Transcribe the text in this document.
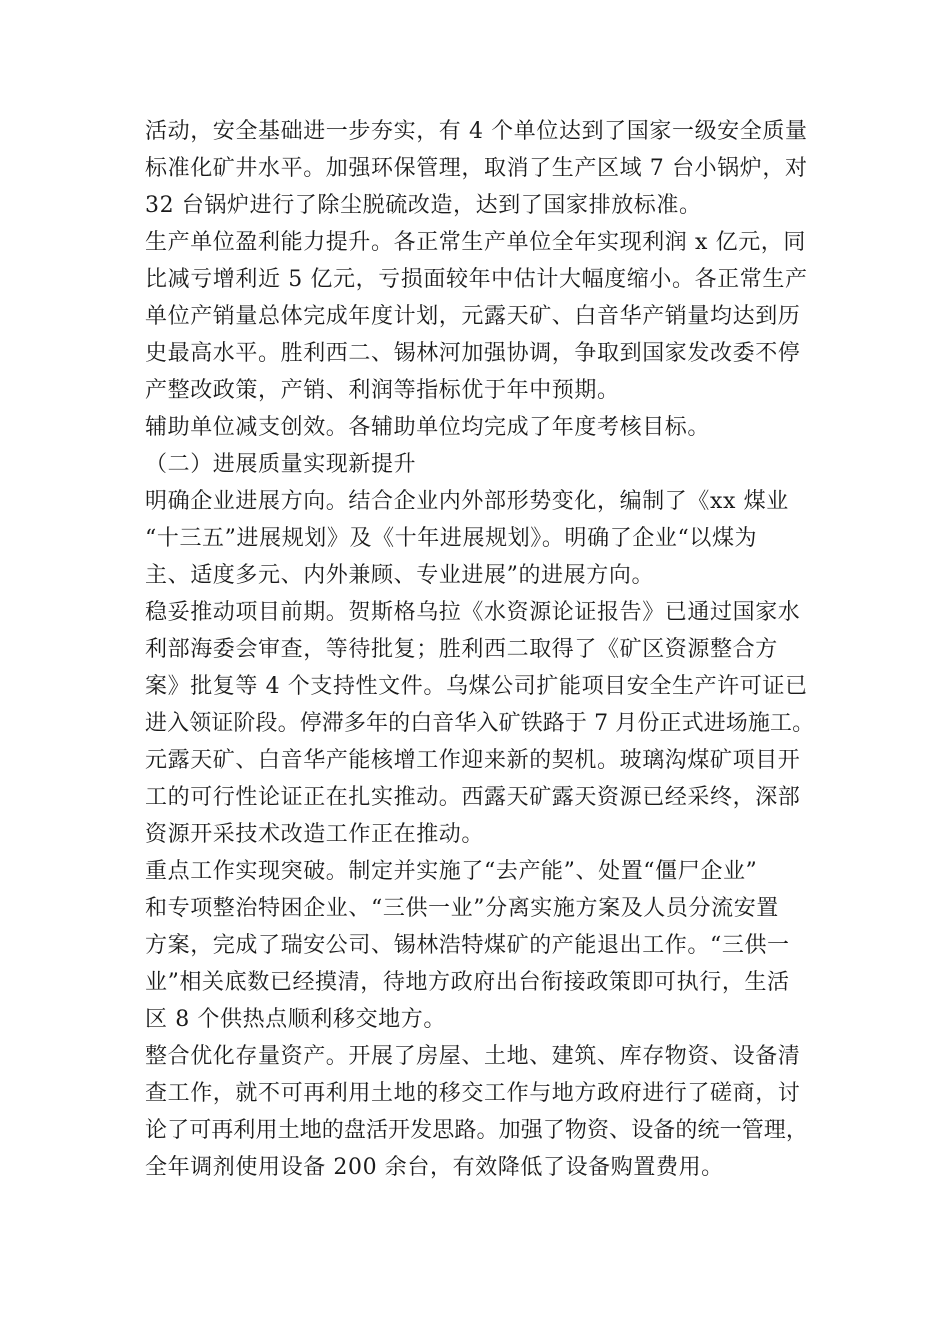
活动，安全基础进一步夯实，有 4 个单位达到了国家一级安全质量
标准化矿井水平。加强环保管理，取消了生产区域 7 台小锅炉，对
32 台锅炉进行了除尘脱硫改造，达到了国家排放标准。
生产单位盈利能力提升。各正常生产单位全年实现利润 x 亿元，同
比减亏增利近 5 亿元，亏损面较年中估计大幅度缩小。各正常生产
单位产销量总体完成年度计划，元露天矿、白音华产销量均达到历
史最高水平。胜利西二、锡林河加强协调，争取到国家发改委不停
产整改政策，产销、利润等指标优于年中预期。
辅助单位减支创效。各辅助单位均完成了年度考核目标。
（二）进展质量实现新提升
明确企业进展方向。结合企业内外部形势变化，编制了《xx 煤业
“十三五”进展规划》及《十年进展规划》。明确了企业“以煤为
主、适度多元、内外兼顾、专业进展”的进展方向。
稳妥推动项目前期。贺斯格乌拉《水资源论证报告》已通过国家水
利部海委会审查，等待批复；胜利西二取得了《矿区资源整合方
案》批复等 4 个支持性文件。乌煤公司扩能项目安全生产许可证已
进入领证阶段。停滞多年的白音华入矿铁路于 7 月份正式进场施工。
元露天矿、白音华产能核增工作迎来新的契机。玻璃沟煤矿项目开
工的可行性论证正在扎实推动。西露天矿露天资源已经采终，深部
资源开采技术改造工作正在推动。
重点工作实现突破。制定并实施了“去产能”、处置“僵尸企业”
和专项整治特困企业、“三供一业”分离实施方案及人员分流安置
方案，完成了瑞安公司、锡林浩特煤矿的产能退出工作。“三供一
业”相关底数已经摸清，待地方政府出台衔接政策即可执行，生活
区 8 个供热点顺利移交地方。
整合优化存量资产。开展了房屋、土地、建筑、库存物资、设备清
查工作，就不可再利用土地的移交工作与地方政府进行了磋商，讨
论了可再利用土地的盘活开发思路。加强了物资、设备的统一管理，
全年调剂使用设备 200 余台，有效降低了设备购置费用。
